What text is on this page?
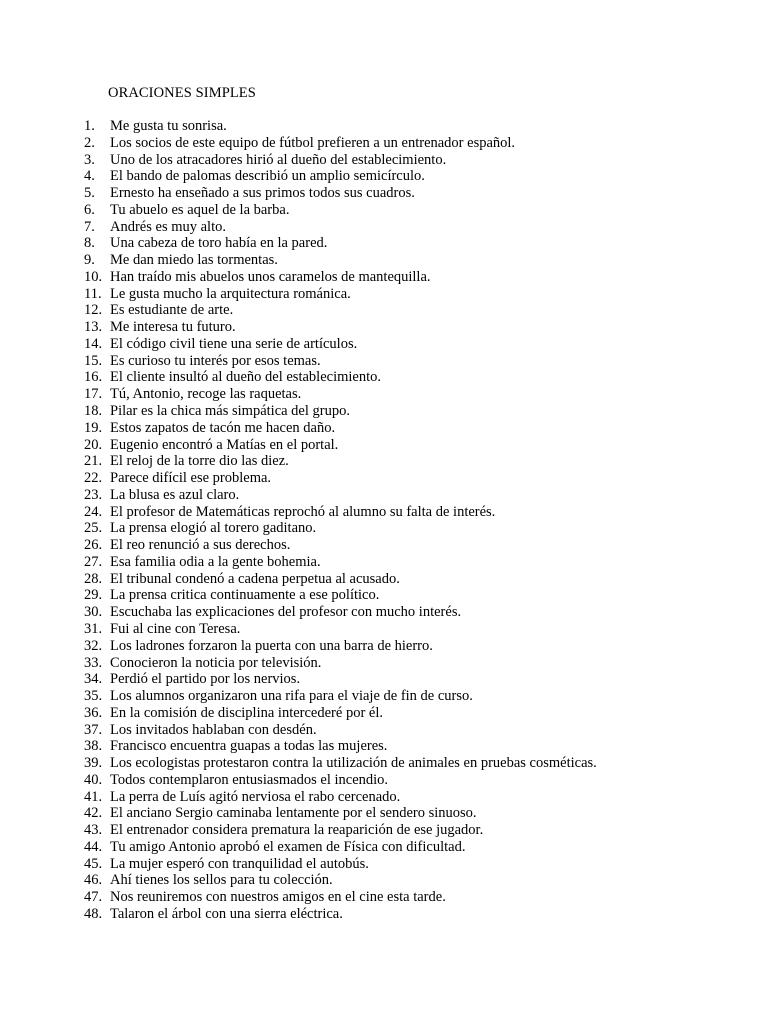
ORACIONES SIMPLES
1.	Me gusta tu sonrisa.
2.	Los socios de este equipo de fútbol prefieren a un entrenador español.
3.	Uno de los atracadores hirió al dueño del establecimiento.
4.	El bando de palomas describió un amplio semicírculo.
5.	Ernesto ha enseñado a sus primos todos sus cuadros.
6.	Tu abuelo es aquel de la barba.
7.	Andrés es muy alto.
8.	Una cabeza de toro había en la pared.
9.	Me dan miedo las tormentas.
10. Han traído mis abuelos unos caramelos de mantequilla.
11. Le gusta mucho la arquitectura románica.
12. Es estudiante de arte.
13. Me interesa tu futuro.
14. El código civil tiene una serie de artículos.
15. Es curioso tu interés por esos temas.
16. El cliente insultó al dueño del establecimiento.
17. Tú, Antonio, recoge las raquetas.
18. Pilar es la chica más simpática del grupo.
19. Estos zapatos de tacón me hacen daño.
20. Eugenio encontró a Matías en el portal.
21. El reloj de la torre dio las diez.
22. Parece difícil ese problema.
23. La blusa es azul claro.
24. El profesor de Matemáticas reprochó al alumno su falta de interés.
25. La prensa elogió al torero gaditano.
26. El reo renunció a sus derechos.
27. Esa familia odia a la gente bohemia.
28. El tribunal condenó a cadena perpetua al acusado.
29. La prensa critica continuamente a ese político.
30. Escuchaba las explicaciones del profesor con mucho interés.
31. Fui al cine con Teresa.
32. Los ladrones forzaron la puerta con una barra de hierro.
33. Conocieron la noticia por televisión.
34. Perdió el partido por los nervios.
35. Los alumnos organizaron una rifa para el viaje de fin de curso.
36. En la comisión de disciplina intercederé por él.
37. Los invitados hablaban con desdén.
38. Francisco encuentra guapas a todas las mujeres.
39. Los ecologistas protestaron contra la utilización de animales en pruebas cosméticas.
40. Todos contemplaron entusiasmados el incendio.
41. La perra de Luís agitó nerviosa el rabo cercenado.
42. El anciano Sergio caminaba lentamente por el sendero sinuoso.
43. El entrenador considera prematura la reaparición de ese jugador.
44. Tu amigo Antonio aprobó el examen de Física con dificultad.
45. La mujer esperó con tranquilidad el autobús.
46. Ahí tienes los sellos para tu colección.
47. Nos reuniremos con nuestros amigos en el cine esta tarde.
48. Talaron el árbol con una sierra eléctrica.
